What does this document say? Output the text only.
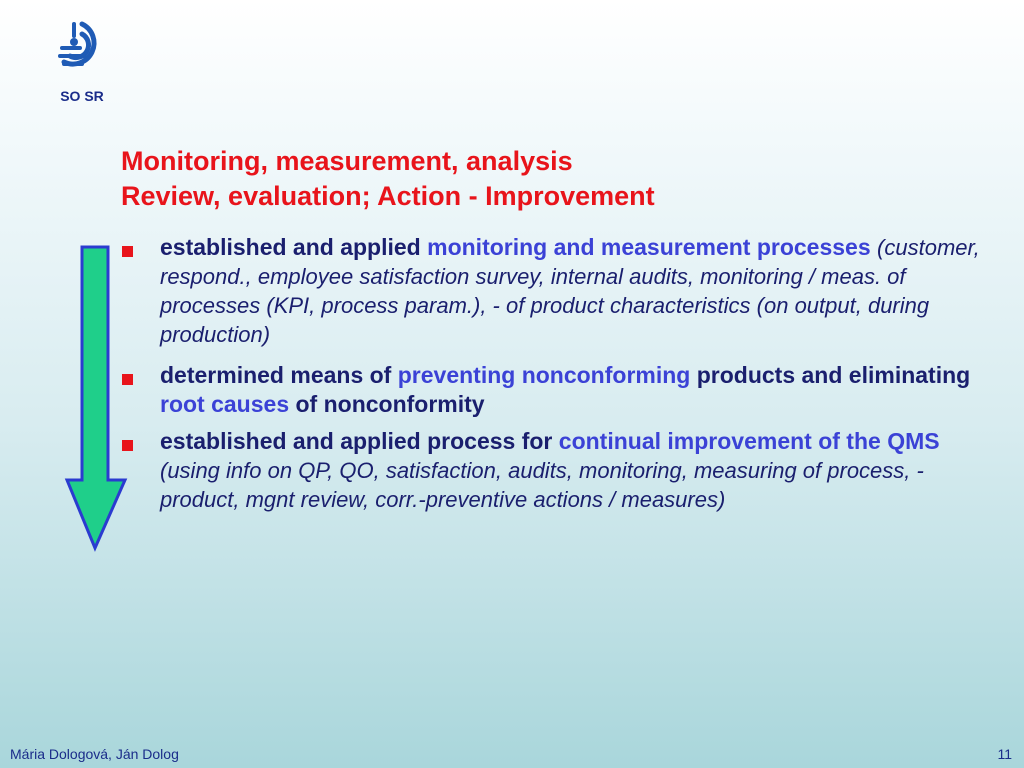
SO SR
Monitoring, measurement, analysis
Review, evaluation; Action - Improvement
established and applied monitoring and measurement processes (customer, respond., employee satisfaction survey, internal audits, monitoring / meas. of processes (KPI, process param.), - of product characteristics (on output, during production)
determined means of preventing nonconforming products and eliminating root causes of nonconformity
established and applied process for continual improvement of the QMS (using info on QP, QO, satisfaction, audits, monitoring, measuring of process, - product, mgnt review, corr.-preventive actions / measures)
Mária Dologová, Ján Dolog	11
